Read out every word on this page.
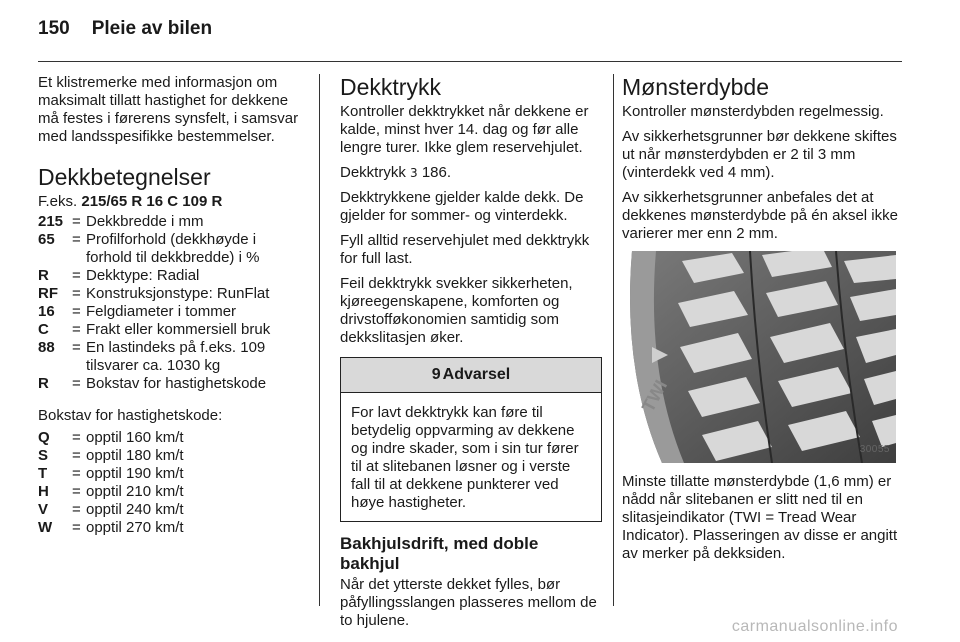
150 Pleie av bilen

Et klistremerke med informasjon om maksimalt tillatt hastighet for dekkene må festes i førerens synsfelt, i samsvar med landsspesifikke bestemmelser.

Dekkbetegnelser
F.eks. 215/65 R 16 C 109 R
215 = Dekkbredde i mm
65	= Profilforhold (dekkhøyde i forhold til dekkbredde) i %
R	= Dekktype: Radial
RF = Konstruksjonstype: RunFlat
16	= Felgdiameter i tommer
C	= Frakt eller kommersiell bruk
88	= En lastindeks på f.eks. 109 tilsvarer ca. 1030 kg
R	= Bokstav for hastighetskode

Bokstav for hastighetskode:

Q	= opptil 160 km/t
S	= opptil 180 km/t
T	= opptil 190 km/t
H	= opptil 210 km/t
V	= opptil 240 km/t
W	= opptil 270 km/t
Dekktrykk

Kontroller dekktrykket når dekkene er kalde, minst hver 14. dag og før alle lengre turer. Ikke glem reservehjulet.

Dekktrykk 3 186.

Dekktrykkene gjelder kalde dekk. De gjelder for sommer- og vinterdekk.

Fyll alltid reservehjulet med dekktrykk for full last.

Feil dekktrykk svekker sikkerheten, kjøreegenskapene, komforten og drivstofføkonomien samtidig som dekkslitasjen øker.

9 Advarsel
For lavt dekktrykk kan føre til betydelig oppvarming av dekkene og indre skader, som i sin tur fører til at slitebanen løsner og i verste fall til at dekkene punkterer ved høye hastigheter.
Bakhjulsdrift, med doble bakhjul

Når det ytterste dekket fylles, bør påfyllingsslangen plasseres mellom de to hjulene.

Mønsterdybde

Kontroller mønsterdybden regelmessig.

Av sikkerhetsgrunner bør dekkene skiftes ut når mønsterdybden er 2 til 3 mm (vinterdekk ved 4 mm).

Av sikkerhetsgrunner anbefales det at dekkenes mønsterdybde på én aksel ikke varierer mer enn 2 mm.

TWI
30055

Minste tillatte mønsterdybde (1,6 mm) er nådd når slitebanen er slitt ned til en slitasjeindikator (TWI = Tread Wear Indicator). Plasseringen av disse er angitt av merker på dekksiden.

carmanualsonline.info
